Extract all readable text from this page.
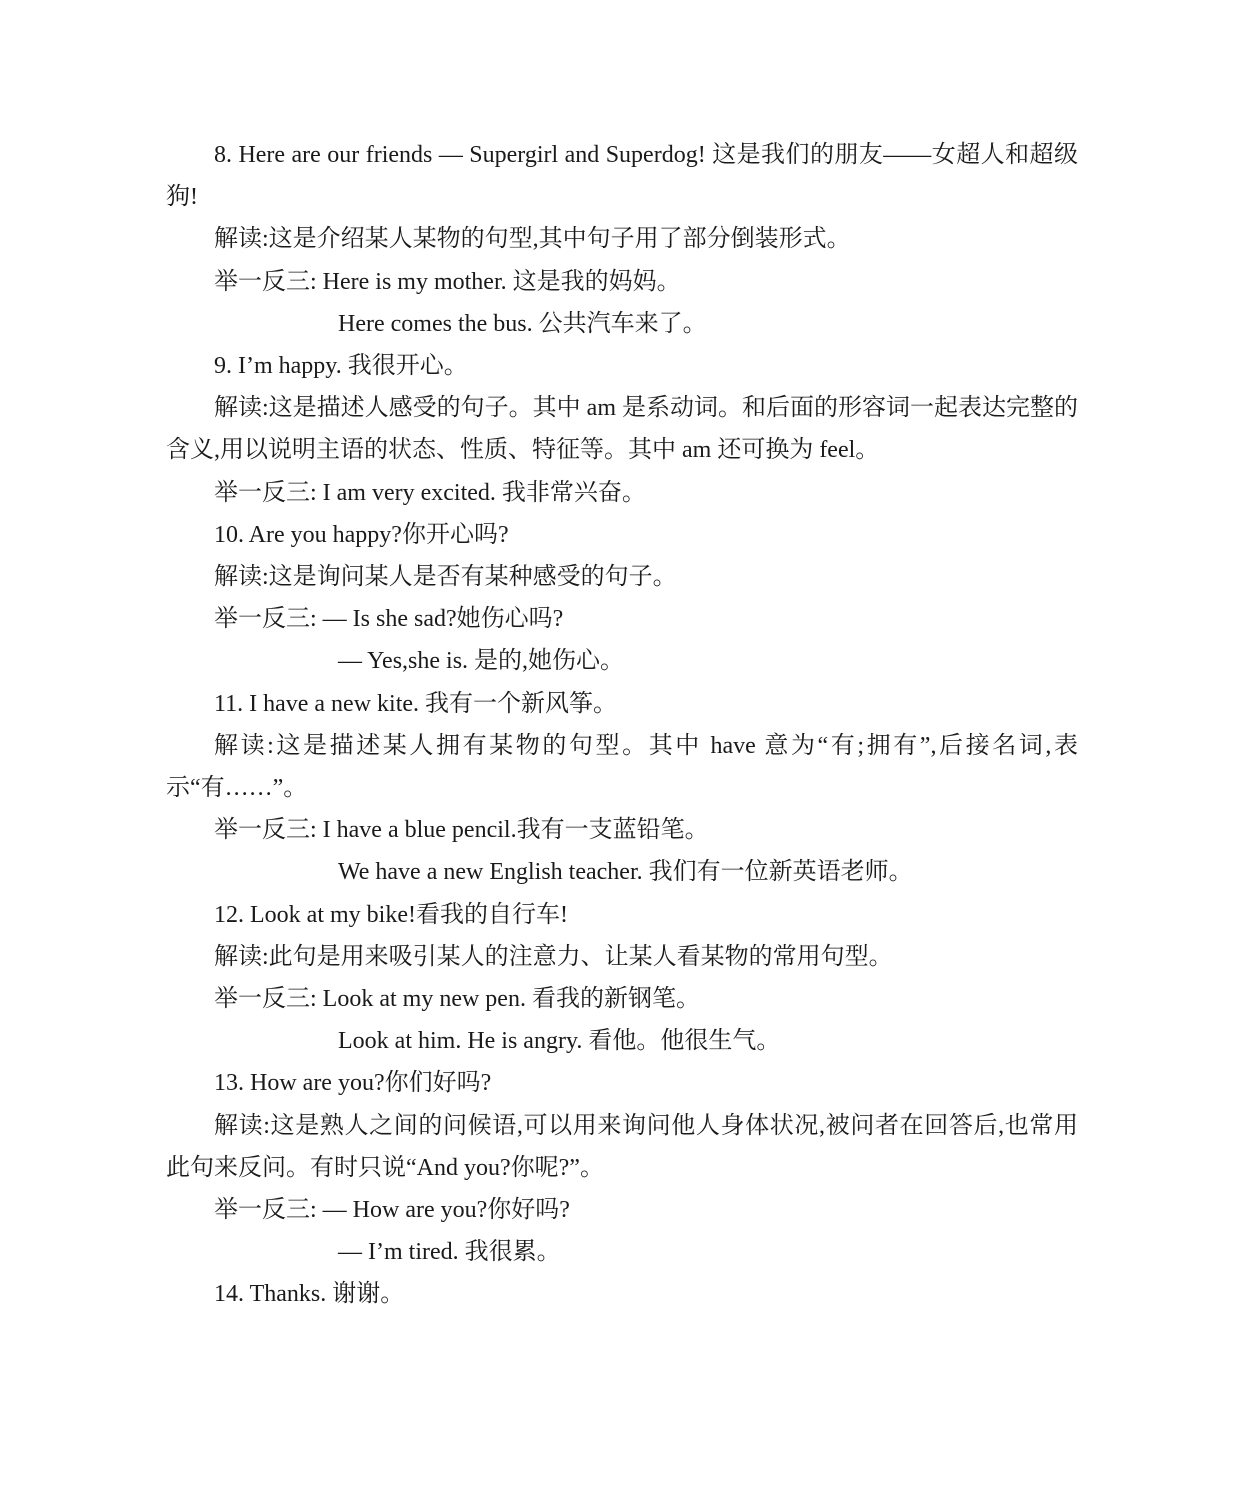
8. Here are our friends — Supergirl and Superdog! 这是我们的朋友——女超人和超级狗!

解读:这是介绍某人某物的句型,其中句子用了部分倒装形式。

举一反三: Here is my mother. 这是我的妈妈。

Here comes the bus. 公共汽车来了。

9. I’m happy. 我很开心。

解读:这是描述人感受的句子。其中 am 是系动词。和后面的形容词一起表达完整的含义,用以说明主语的状态、性质、特征等。其中 am 还可换为 feel。

举一反三: I am very excited. 我非常兴奋。

10. Are you happy?你开心吗?

解读:这是询问某人是否有某种感受的句子。

举一反三: — Is she sad?她伤心吗?

— Yes,she is. 是的,她伤心。

11. I have a new kite. 我有一个新风筝。

解读:这是描述某人拥有某物的句型。其中 have 意为“有;拥有”,后接名词,表示“有……”。

举一反三: I have a blue pencil.我有一支蓝铅笔。

We have a new English teacher. 我们有一位新英语老师。

12. Look at my bike!看我的自行车!

解读:此句是用来吸引某人的注意力、让某人看某物的常用句型。

举一反三: Look at my new pen. 看我的新钢笔。

Look at him. He is angry. 看他。他很生气。

13. How are you?你们好吗?

解读:这是熟人之间的问候语,可以用来询问他人身体状况,被问者在回答后,也常用此句来反问。有时只说“And you?你呢?”。

举一反三: — How are you?你好吗?

— I’m tired. 我很累。

14. Thanks. 谢谢。
